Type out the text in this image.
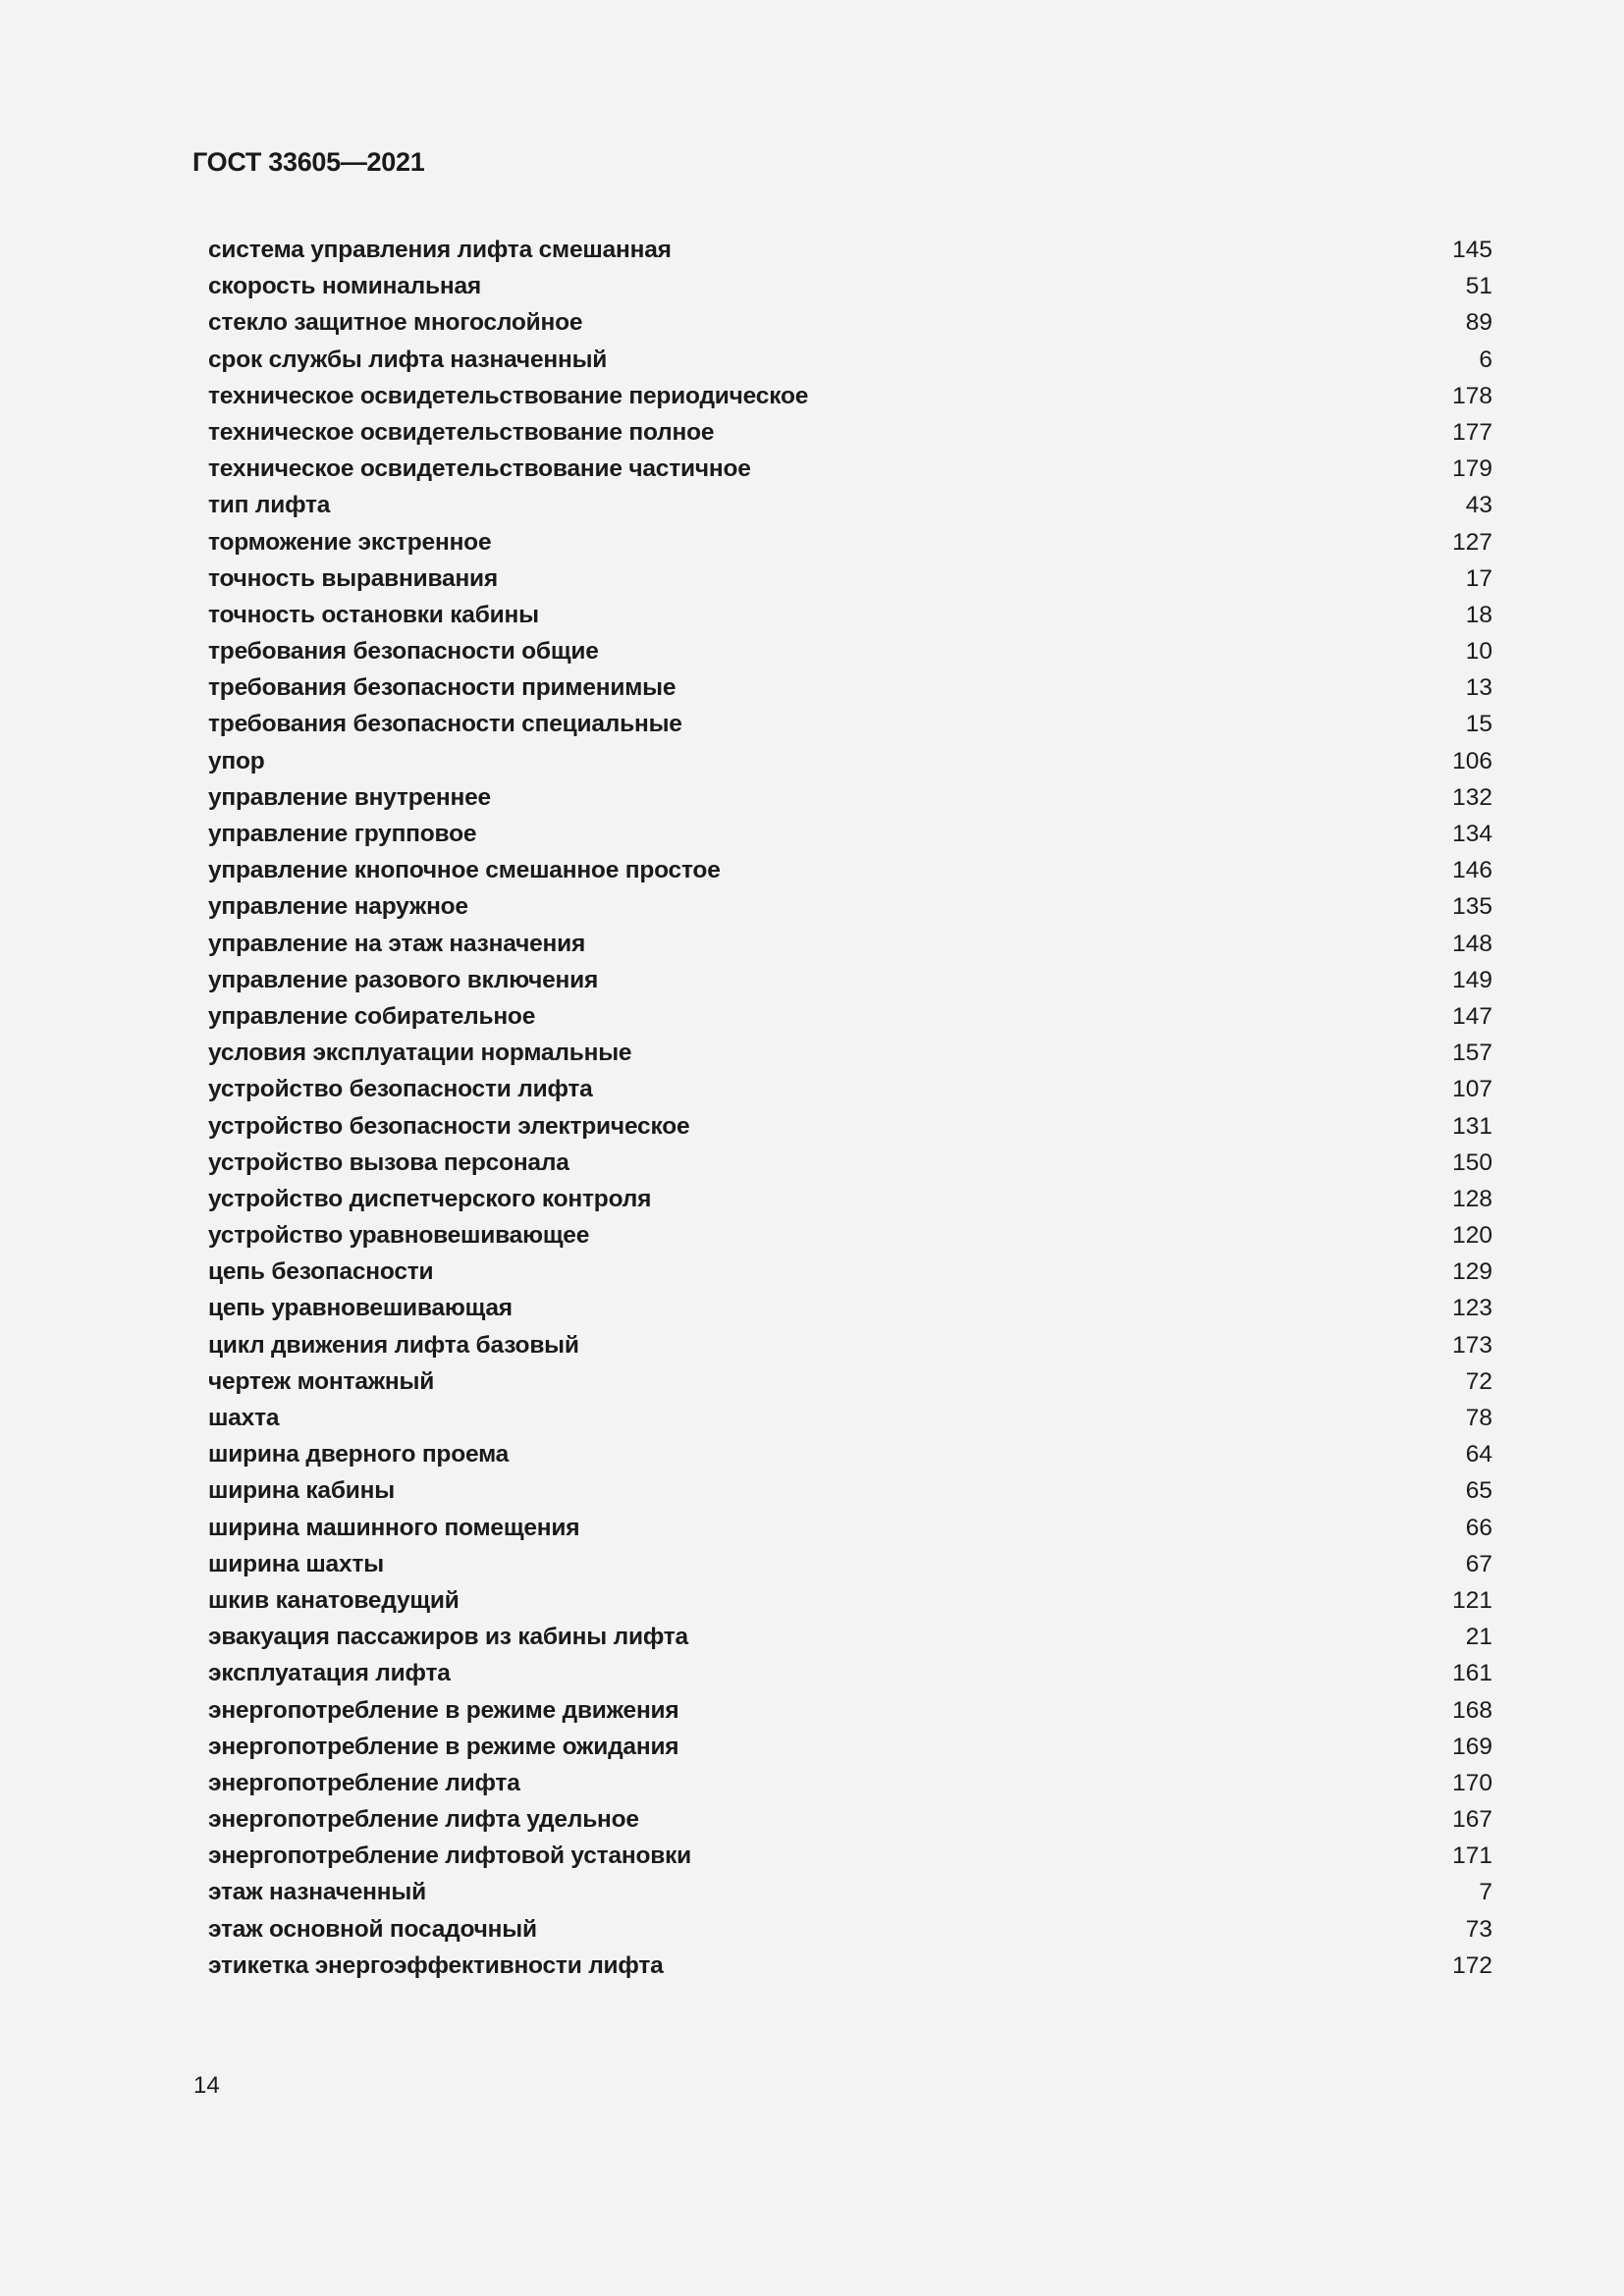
ГОСТ 33605—2021
система управления лифта смешанная	145
скорость номинальная	51
стекло защитное многослойное	89
срок службы лифта назначенный	6
техническое освидетельствование периодическое	178
техническое освидетельствование полное	177
техническое освидетельствование частичное	179
тип лифта	43
торможение экстренное	127
точность выравнивания	17
точность остановки кабины	18
требования безопасности общие	10
требования безопасности применимые	13
требования безопасности специальные	15
упор	106
управление внутреннее	132
управление групповое	134
управление кнопочное смешанное простое	146
управление наружное	135
управление на этаж назначения	148
управление разового включения	149
управление собирательное	147
условия эксплуатации нормальные	157
устройство безопасности лифта	107
устройство безопасности электрическое	131
устройство вызова персонала	150
устройство диспетчерского контроля	128
устройство уравновешивающее	120
цепь безопасности	129
цепь уравновешивающая	123
цикл движения лифта базовый	173
чертеж монтажный	72
шахта	78
ширина дверного проема	64
ширина кабины	65
ширина машинного помещения	66
ширина шахты	67
шкив канатоведущий	121
эвакуация пассажиров из кабины лифта	21
эксплуатация лифта	161
энергопотребление в режиме движения	168
энергопотребление в режиме ожидания	169
энергопотребление лифта	170
энергопотребление лифта удельное	167
энергопотребление лифтовой установки	171
этаж назначенный	7
этаж основной посадочный	73
этикетка энергоэффективности лифта	172
14
